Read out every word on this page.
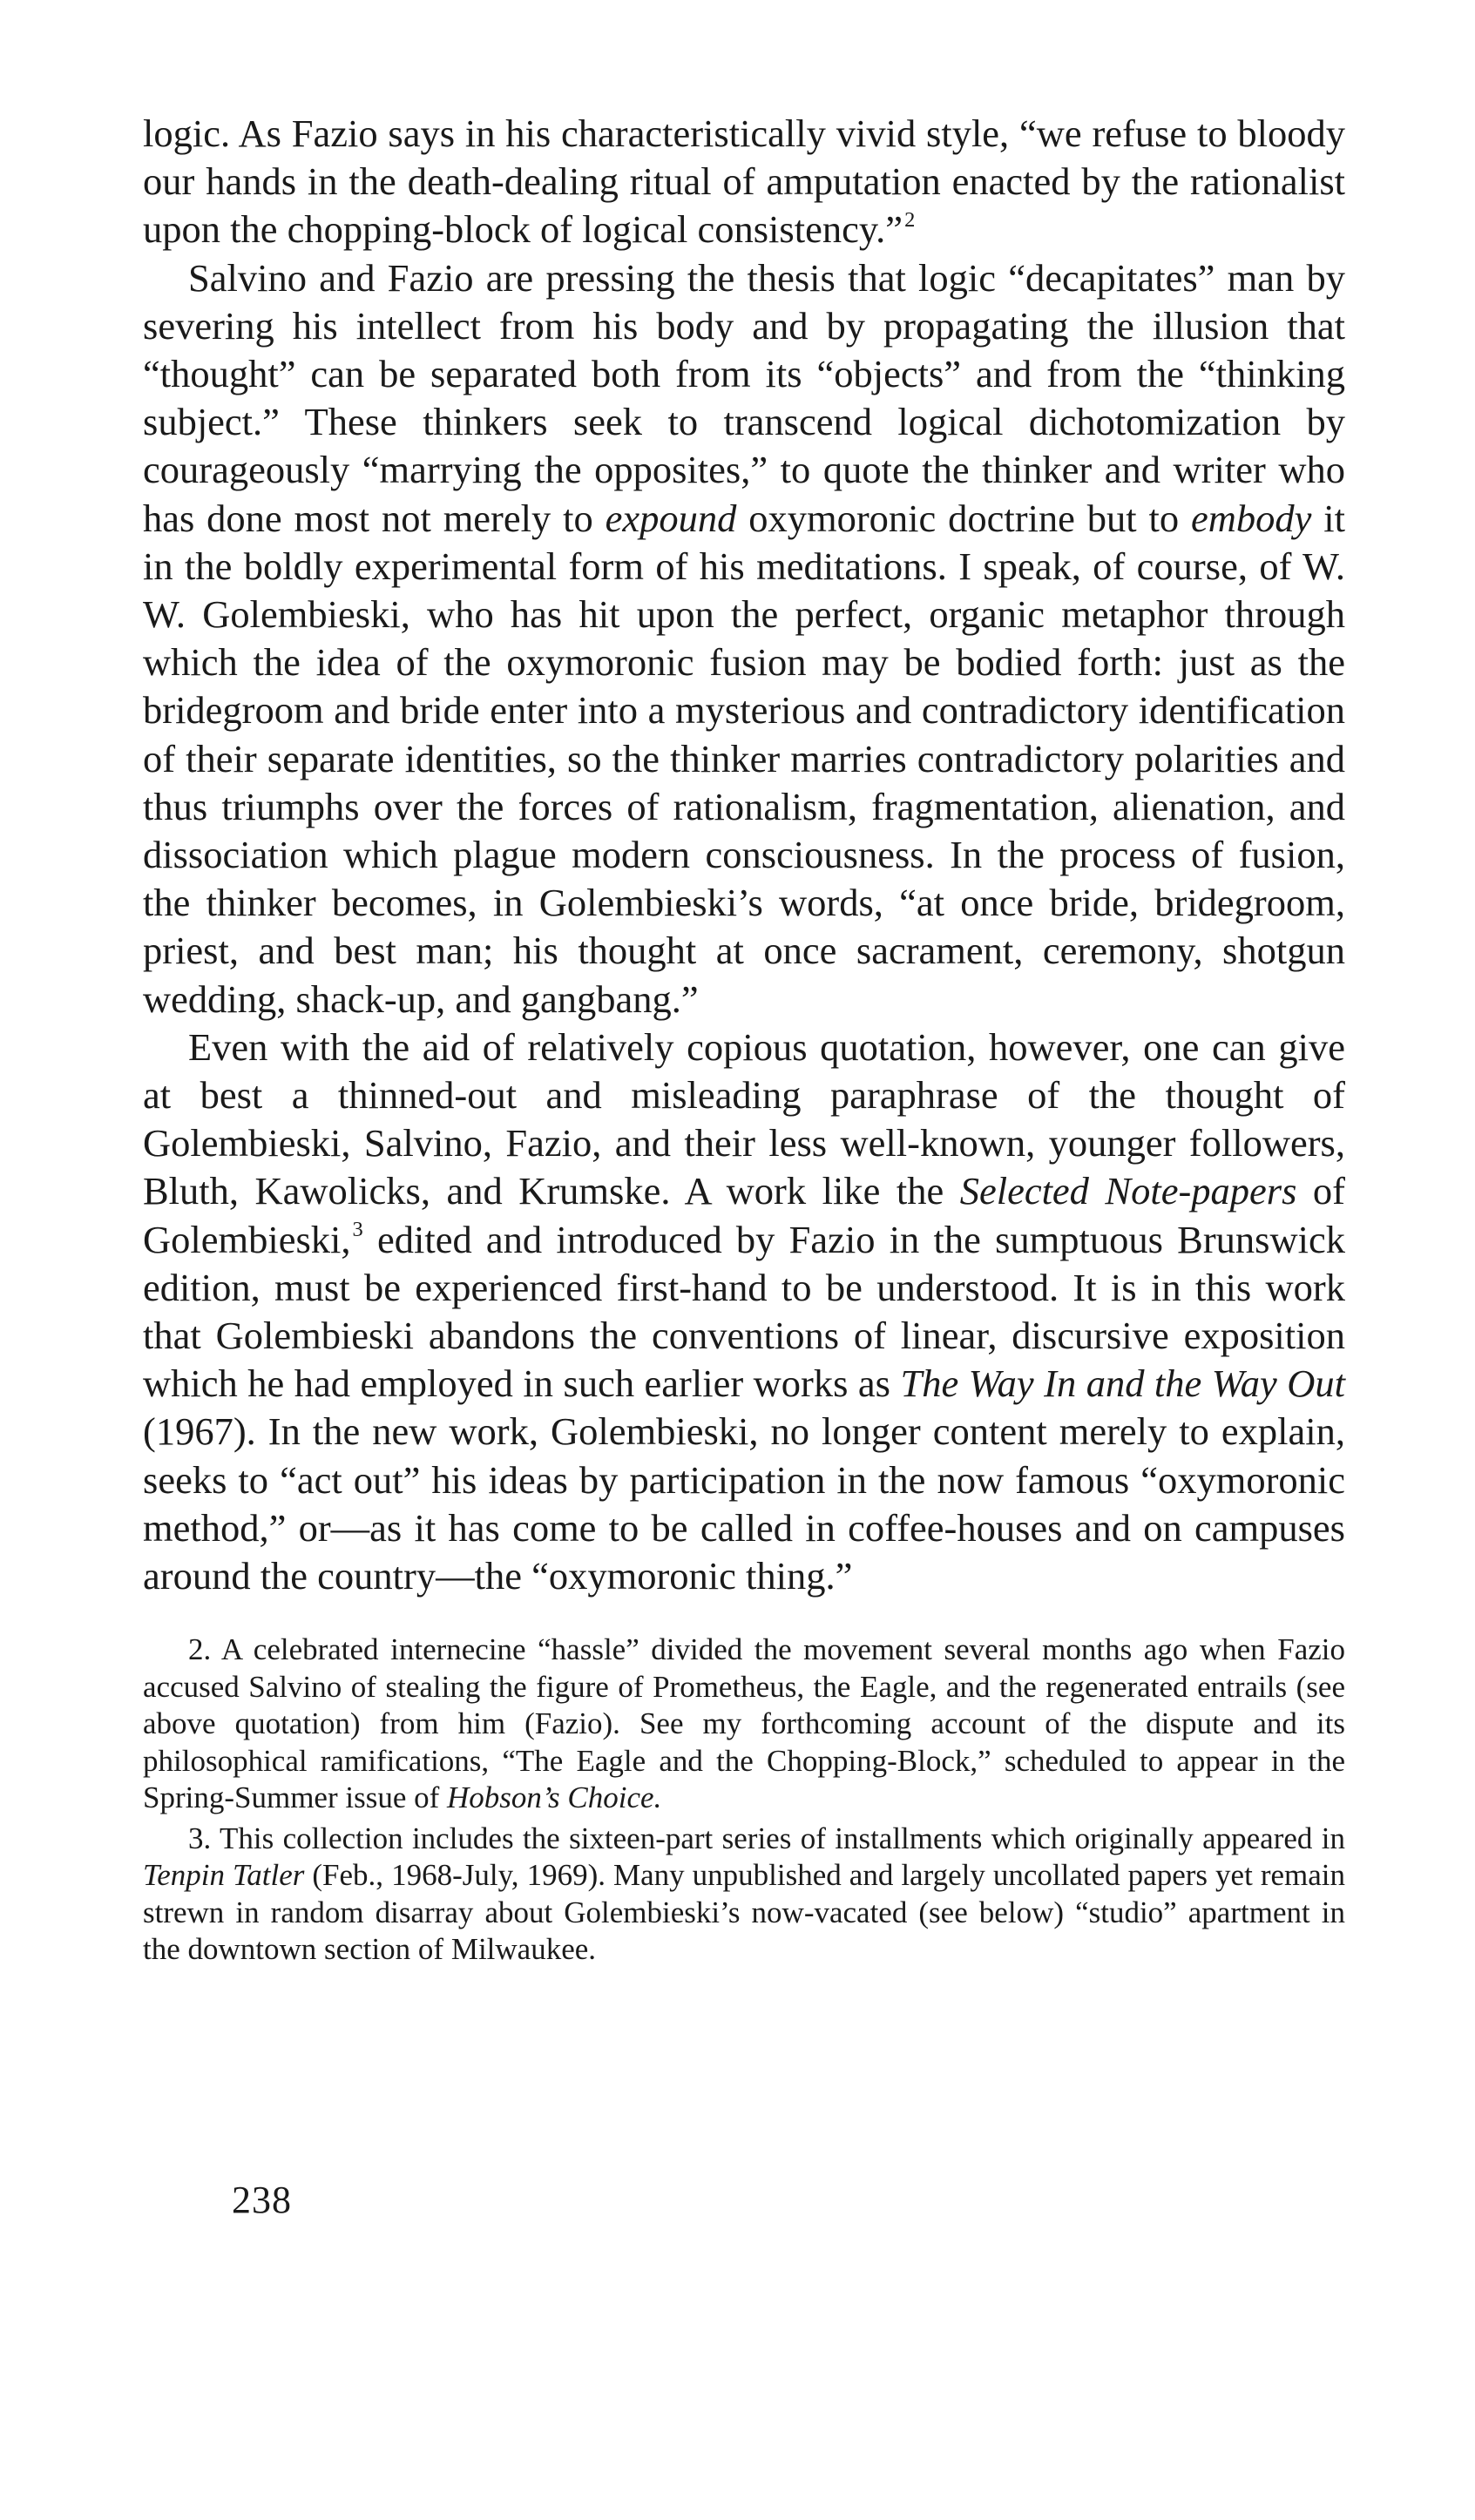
logic. As Fazio says in his characteristically vivid style, “we refuse to bloody our hands in the death-dealing ritual of amputation enacted by the rationalist upon the chopping-block of logical consistency.”$^2$

Salvino and Fazio are pressing the thesis that logic “decapitates” man by severing his intellect from his body and by propagating the illusion that “thought” can be separated both from its “objects” and from the “thinking subject.” These thinkers seek to transcend logical dichotomization by courageously “marrying the opposites,” to quote the thinker and writer who has done most not merely to expound oxymoronic doctrine but to embody it in the boldly experimental form of his meditations. I speak, of course, of W. W. Golembieski, who has hit upon the perfect, organic metaphor through which the idea of the oxymoronic fusion may be bodied forth: just as the bridegroom and bride enter into a mysterious and contradictory identification of their separate identities, so the thinker marries contradictory polarities and thus triumphs over the forces of rationalism, fragmentation, alienation, and dissociation which plague modern consciousness. In the process of fusion, the thinker becomes, in Golembieski’s words, “at once bride, bridegroom, priest, and best man; his thought at once sacrament, ceremony, shotgun wedding, shack-up, and gangbang.”

Even with the aid of relatively copious quotation, however, one can give at best a thinned-out and misleading paraphrase of the thought of Golembieski, Salvino, Fazio, and their less well-known, younger followers, Bluth, Kawolicks, and Krumske. A work like the Selected Note-papers of Golembieski,$^3$ edited and introduced by Fazio in the sumptuous Brunswick edition, must be experienced first-hand to be understood. It is in this work that Golembieski abandons the conventions of linear, discursive exposition which he had employed in such earlier works as The Way In and the Way Out (1967). In the new work, Golembieski, no longer content merely to explain, seeks to “act out” his ideas by participation in the now famous “oxymoronic method,” or—as it has come to be called in coffee-houses and on campuses around the country—the “oxymoronic thing.”

2. A celebrated internecine “hassle” divided the movement several months ago when Fazio accused Salvino of stealing the figure of Prometheus, the Eagle, and the regenerated entrails (see above quotation) from him (Fazio). See my forthcoming account of the dispute and its philosophical ramifications, “The Eagle and the Chopping-Block,” scheduled to appear in the Spring-Summer issue of Hobson’s Choice.

3. This collection includes the sixteen-part series of installments which originally appeared in Tenpin Tatler (Feb., 1968-July, 1969). Many unpublished and largely uncollated papers yet remain strewn in random disarray about Golembieski’s now-vacated (see below) “studio” apartment in the downtown section of Milwaukee.

238
